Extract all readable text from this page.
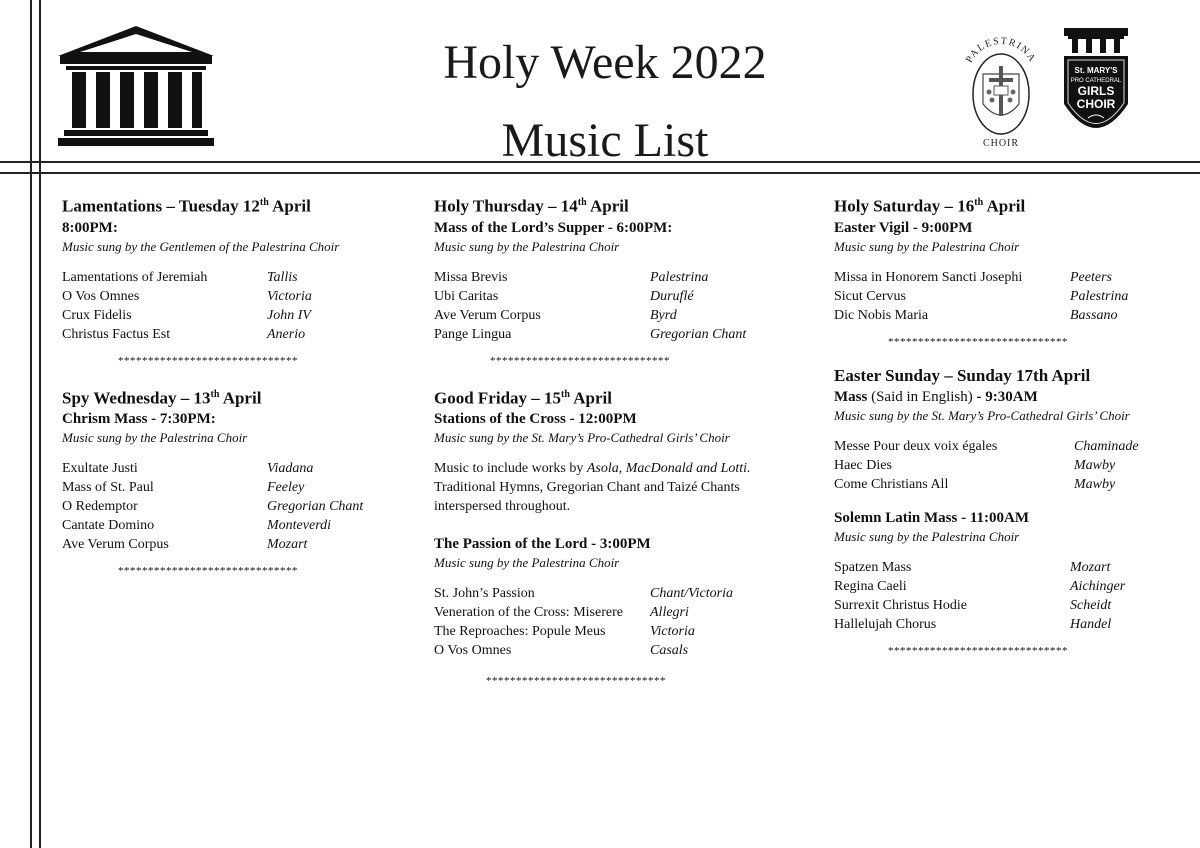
Holy Week 2022
Music List
PALESTRINA
CHOIR
St. MARY'S
PRO CATHEDRAL
GIRLS
CHOIR
Lamentations – Tuesday 12th April
8:00PM:
Music sung by the Gentlemen of the Palestrina Choir
Lamentations of Jeremiah	Tallis
O Vos Omnes	Victoria
Crux Fidelis	John IV
Christus Factus Est	Anerio
******************************
Spy Wednesday – 13th April
Chrism Mass - 7:30PM:
Music sung by the Palestrina Choir
Exultate Justi	Viadana
Mass of St. Paul	Feeley
O Redemptor	Gregorian Chant
Cantate Domino	Monteverdi
Ave Verum Corpus	Mozart
******************************
Holy Thursday – 14th April
Mass of the Lord’s Supper - 6:00PM:
Music sung by the Palestrina Choir
Missa Brevis	Palestrina
Ubi Caritas	Duruflé
Ave Verum Corpus	Byrd
Pange Lingua	Gregorian Chant
******************************
Good Friday – 15th April
Stations of the Cross - 12:00PM
Music sung by the St. Mary’s Pro-Cathedral Girls’ Choir
Music to include works by Asola, MacDonald and Lotti. Traditional Hymns, Gregorian Chant and Taizé Chants interspersed throughout.
The Passion of the Lord - 3:00PM
Music sung by the Palestrina Choir
St. John’s Passion	Chant/Victoria
Veneration of the Cross: Miserere Allegri
The Reproaches: Popule Meus	Victoria
O Vos Omnes	Casals
******************************
Holy Saturday – 16th April
Easter Vigil - 9:00PM
Music sung by the Palestrina Choir
Missa in Honorem Sancti Josephi	Peeters
Sicut Cervus	Palestrina
Dic Nobis Maria	Bassano
******************************
Easter Sunday – Sunday 17th April
Mass (Said in English) - 9:30AM
Music sung by the St. Mary’s Pro-Cathedral Girls’ Choir
Messe Pour deux voix égales	Chaminade
Haec Dies	Mawby
Come Christians All	Mawby
Solemn Latin Mass - 11:00AM
Music sung by the Palestrina Choir
Spatzen Mass	Mozart
Regina Caeli	Aichinger
Surrexit Christus Hodie	Scheidt
Hallelujah Chorus	Handel
******************************
